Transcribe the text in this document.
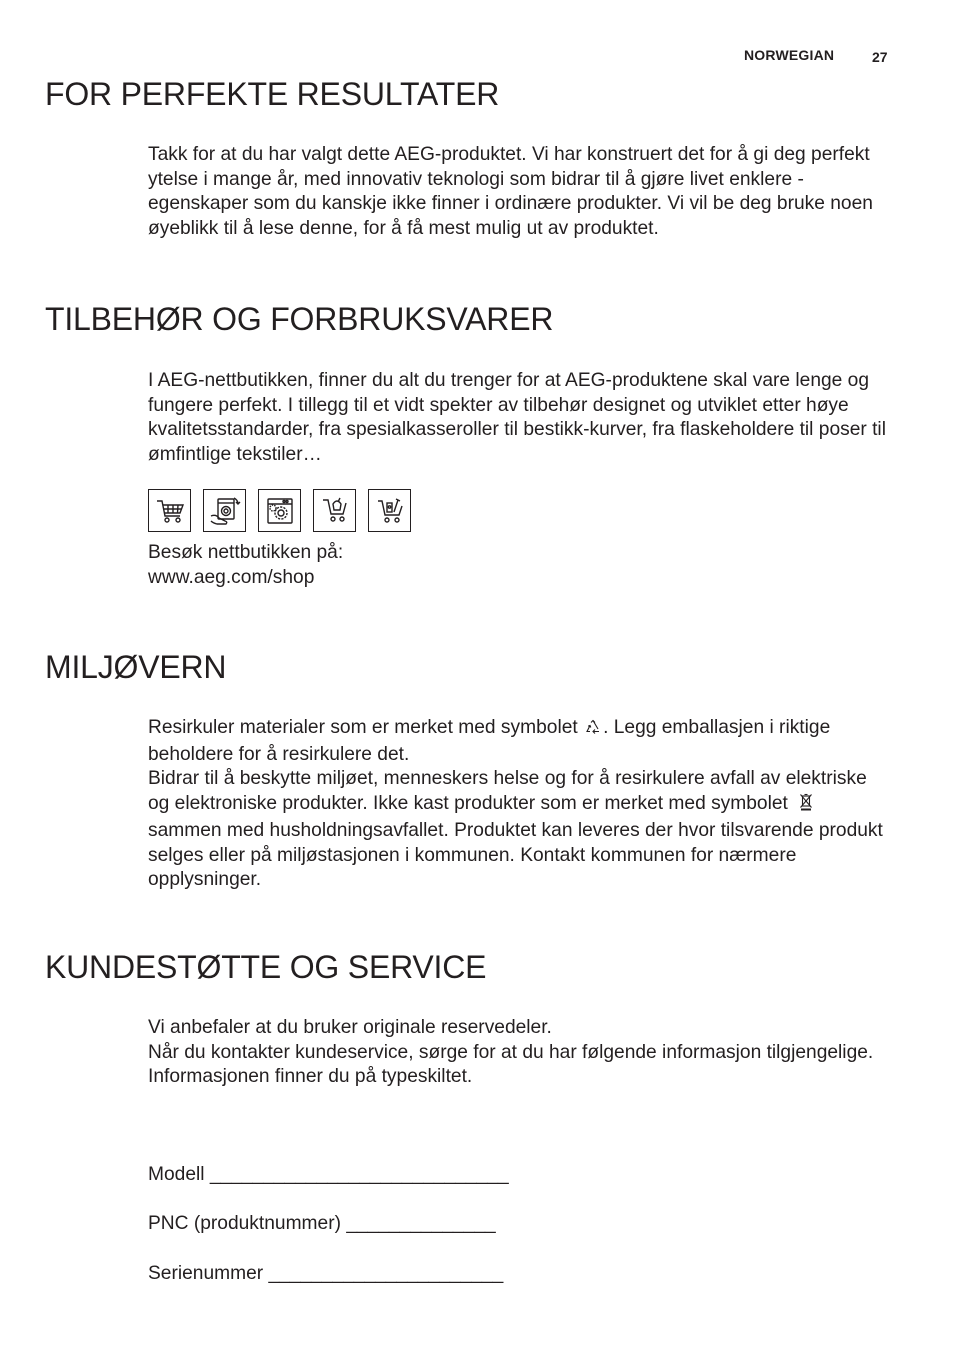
NORWEGIAN	27
FOR PERFEKTE RESULTATER

Takk for at du har valgt dette AEG-produktet. Vi har konstruert det for å gi deg perfekt ytelse i mange år, med innovativ teknologi som bidrar til å gjøre livet enklere - egenskaper som du kanskje ikke finner i ordinære produkter. Vi vil be deg bruke noen øyeblikk til å lese denne, for å få mest mulig ut av produktet.

TILBEHØR OG FORBRUKSVARER

I AEG-nettbutikken, finner du alt du trenger for at AEG-produktene skal vare lenge og fungere perfekt. I tillegg til et vidt spekter av tilbehør designet og utviklet etter høye kvalitetsstandarder, fra spesialkasseroller til bestikk-kurver, fra flaskeholdere til poser til ømfintlige tekstiler…

Besøk nettbutikken på:

www.aeg.com/shop

MILJØVERN

Resirkuler materialer som er merket med symbolet . Legg emballasjen i riktige beholdere for å resirkulere det.

Bidrar til å beskytte miljøet, menneskers helse og for å resirkulere avfall av elektriske og elektroniske produkter. Ikke kast produkter som er merket med symbolet  sammen med husholdningsavfallet. Produktet kan leveres der hvor tilsvarende produkt selges eller på miljøstasjonen i kommunen. Kontakt kommunen for nærmere opplysninger.

KUNDESTØTTE OG SERVICE

Vi anbefaler at du bruker originale reservedeler.

Når du kontakter kundeservice, sørge for at du har følgende informasjon tilgjengelige.

Informasjonen finner du på typeskiltet.

Modell ____________________________
PNC (produktnummer) ______________
Serienummer ______________________
